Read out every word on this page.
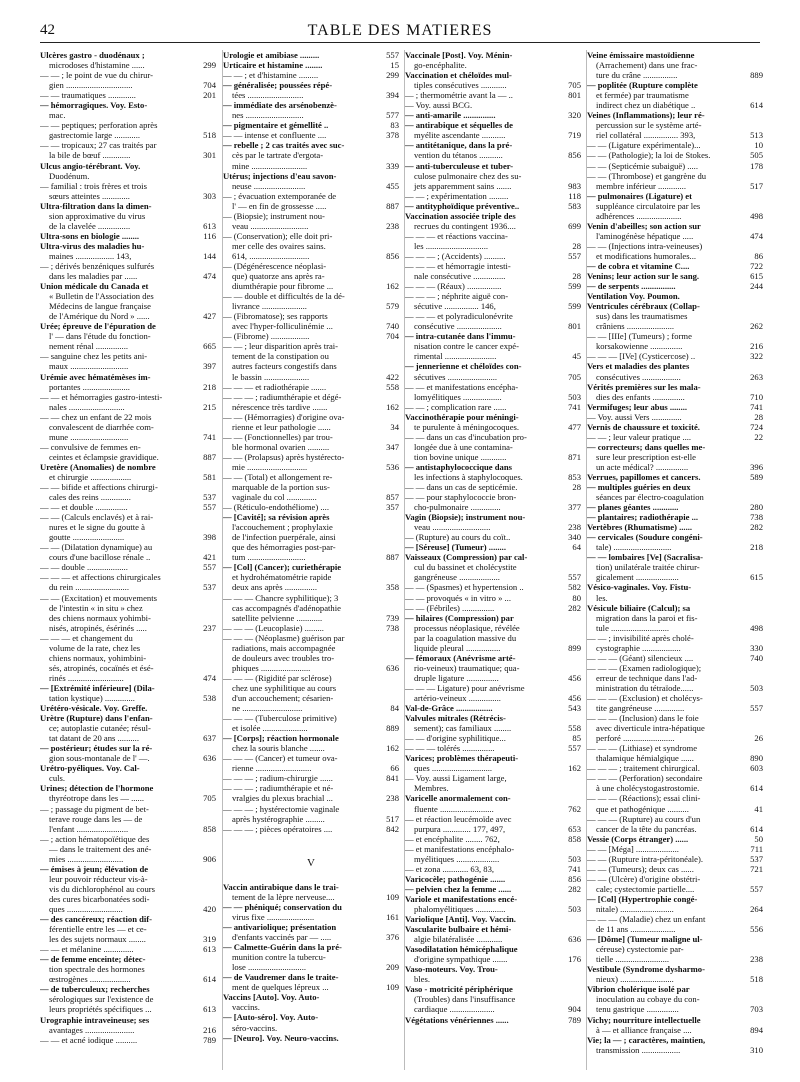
42	TABLE DES MATIERES
Ulcères gastro - duodénaux ;
microdoses d'histamine ......	299
— — ; le point de vue du chirur-
gien ...............................	704
— — traumatiques .............	201
— hémorragiques. Voy. Esto-
mac.
— — peptiques; perforation après
gastrectomie large ............	518
— — tropicaux; 27 cas traités par
la bile de bœuf .............	301
Ulcus angio-térébrant. Voy.
Duodénum.
— familial : trois frères et trois
sœurs atteintes .............	303
Ultra-filtration dans la dimen-
sion approximative du virus
de la clavelée ...............	613
Ultra-sons en biologie ........	116
Ultra-virus des maladies hu-
maines .................. 143,	144
— ; dérivés benzéniques sulfurés
dans les maladies par ......	474
Union médicale du Canada et
« Bulletin de l'Association des
Médecins de langue française
de l'Amérique du Nord » ......	427
Urée; épreuve de l'épuration de
l' — dans l'étude du fonction-
nement rénal ...............	665
— sanguine chez les petits ani-
maux ...........................	397
Urémie avec hématémèses im-
portantes ......................	218
— — et hémorragies gastro-intesti-
nales ..........................	215
— — chez un enfant de 22 mois
convalescent de diarrhée com-
mune ...........................	741
— convulsive de femmes en-
ceintes et éclampsie gravidique.	887
Uretère (Anomalies) de nombre
et chirurgie ...................	581
— — bifide et affections chirurgi-
cales des reins ..............	537
— — et double ...............	557
— — (Calculs enclavés) et à rai-
nures et le signe du goutte à
goutte ........................	398
— — (Dilatation dynamique) au
cours d'une bacillose rénale ..	421
— — double ...................	557
— — — et affections chirurgicales
du rein .........................	537
— — (Excitation) et mouvements
de l'intestin « in situ » chez
des chiens normaux yohimbi-
nisés, atropinés, ésérinés .....	237
— — — et changement du
volume de la rate, chez les
chiens normaux, yohimbini-
sés, atropinés, cocaïnés et ésé-
rinés ..........................	474
— [Extrémité inférieure] (Dila-
tation kystique) ..............	538
Urétéro-vésicale. Voy. Greffe.
Urètre (Rupture) dans l'enfan-
ce; autoplastie cutanée; résul-
tat datant de 20 ans ..........	637
— postérieur; études sur la ré-
gion sous-montanale de l' —.	636
Urétro-pyéliques. Voy. Cal-
culs.
Urines; détection de l'hormone
thyréotrope dans les — ......	705
— ; passage du pigment de bet-
terave rouge dans les — de
l'enfant ........................	858
— ; action hématopoïétique des
— dans le traitement des ané-
mies ..........................	906
— émises à jeun; élévation de
leur pouvoir réducteur vis-à-
vis du dichlorophénol au cours
des cures bicarbonatées sodi-
ques ..........................	420
— des cancéreux; réaction dif-
férentielle entre les — et ce-
les des sujets normaux ........	319
— — et mélanine ..............	613
— de femme enceinte; détec-
tion spectrale des hormones
œstrogènes ...................	614
— de tuberculeux; recherches
sérologiques sur l'existence de
leurs propriétés spécifiques ...	613
Urographie intraveineuse; ses
avantages .......................	216
— — et acné iodique ..........	789
Urologie et amibiase .........	557
Urticaire et histamine ........	15
— — ; et d'histamine .........	299
— généralisée; poussées répé-
tées ..........................	394
— immédiate des arsénobenzè-
nes ...........................	577
— pigmentaire et gémellité ..	83
— — intense et confluente ....	378
— rebelle ; 2 cas traités avec suc-
cès par le tartrate d'ergota-
mine ..........................	339
Utérus; injections d'eau savon-
neuse ........................	455
— ; évacuation extemporanée de
l' — en fin de grossesse .....	887
— (Biopsie); instrument nou-
veau ...........................	238
— (Conservation); elle doit pri-
mer celle des ovaires sains.
614, ............................	856
— (Dégénérescence néoplasi-
que) quatorze ans après ra-
diumthérapie pour fibrome ...	162
— — double et difficultés de la dé-
livrance .....................	579
— (Fibromatose); ses rapports
avec l'hyper-folliculinémie ...	740
— (Fibrome) ..................	704
— — ; leur disparition après trai-
tement de la constipation ou
autres facteurs congestifs dans
le bassin .....................	422
— — — et radiothérapie .......	558
— — — ; radiumthérapie et dégé-
nérescence très tardive .......	162
— — (Hémorragies) d'origine ova-
rienne et leur pathologie ......	34
— — (Fonctionnelles) par trou-
ble hormonal ovarien ..........	347
— — (Prolapsus) après hystérecto-
mie ............................	536
— — (Total) et allongement re-
marquable de la portion sus-
vaginale du col ..............	857
— (Réticulo-endothéliome) ....	357
— [Cavité]; sa révision après
l'accouchement ; prophylaxie
de l'infection puerpérale, ainsi
que des hémorragies post-par-
tum ...........................	887
— [Col] (Cancer); curiethérapie
et hydrohématométrie rapide
deux ans après ...............	358
— — — Chancre syphilitique); 3
cas accompagnés d'adénopathie
satellite pelvienne ............	739
— — — (Leucoplasie) .........	738
— — — (Néoplasme) guérison par
radiations, mais accompagnée
de douleurs avec troubles tro-
phiques .......................	636
— — — (Rigidité par sclérose)
chez une syphilitique au cours
d'un accouchement; césarien-
ne ............................	84
— — — (Tuberculose primitive)
et isolée .....................	889
— [Corps]; réaction hormonale
chez la souris blanche .......	162
— — — (Cancer) et tumeur ova-
rienne ..........................	66
— — — ; radium-chirurgie ......	841
— — — ; radiumthérapie et né-
vralgies du plexus brachial ...	238
— — — ; hystérectomie vaginale
après hystérographie .........	517
— — — ; pièces opératoires ....	842
V
Vaccin antirabique dans le trai-
tement de la lèpre nerveuse....	109
— — phéniqué; conservation du
virus fixe ......................	161
— antivariolique; présentation
d'enfants vaccinés par — .....	376
— Calmette-Guérin dans la pré-
munition contre la tubercu-
lose ...........................	209
— de Vaudremer dans le traite-
ment de quelques lépreux ...	109
Vaccins [Auto]. Voy. Auto-
vaccins.
— [Auto-séro]. Voy. Auto-
séro-vaccins.
— [Neuro]. Voy. Neuro-vaccins.
Vaccinale [Post]. Voy. Ménin-
go-encéphalite.
Vaccination et chéloïdes mul-
tiples consécutives ............	705
— ; thermométrie avant la — ..	801
— Voy. aussi BCG.
— anti-amarile ...............	320
— antirabique et séquelles de
myélite ascendante ...........	719
— antitétanique, dans la pré-
vention du tétanos ...........	856
— anti-tuberculeuse et tuber-
culose pulmonaire chez des su-
jets apparemment sains .......	983
— — ; expérimentation .........	118
— antityphoïdique préventive..	583
Vaccination associée triple des
recrues du contingent 1936....	699
— — — et réactions vaccina-
les .............................	28
— — — ; (Accidents) ..........	557
— — — et hémorragie intesti-
nale consécutive ...............	28
— — — (Réaux) ................	599
— — — ; néphrite aiguë con-
sécutive ................ 146,	599
— — — et polyradiculonévrite
consécutive .....................	801
— intra-cutanée dans l'immu-
nisation contre le cancer expé-
rimental ........................	45
— jennerienne et chéloïdes con-
sécutives .......................	705
— — et manifestations encépha-
lomyélitiques ..................	503
— — ; complication rare ......	741
Vaccinothérapie pour méningi-
te purulente à méningocoques.	477
— — dans un cas d'incubation pro-
longée due à une contamina-
tion bovine unique ............	871
— antistaphylococcique dans
les infections à staphylocoques.	853
— — dans un cas de septicémie.	28
— — pour staphylococcie bron-
cho-pulmonaire ..............	377
Vagin (Biopsie); instrument nou-
veau ...........................	238
— (Rupture) au cours du coït..	340
— [Séreuse] (Tumeur) ........	64
Vaisseaux (Compression) par cal-
cul du bassinet et cholécystite
gangréneuse ...................	557
— — (Spasmes) et hypertension ..	582
— — provoqués « in vitro » ...	80
— — (Fébriles) ...............	282
— hilaires (Compression) par
processus néoplasique, révélée
par la coagulation massive du
liquide pleural ................	899
— fémoraux (Anévrisme arté-
rio-veineux) traumatique; qua-
druple ligature ...............	456
— — — Ligature) pour anévrisme
artério-veineux ...............	456
Val-de-Grâce .................	543
Valvules mitrales (Rétrécis-
sement); cas familiaux ........	558
— — d'origine syphilitique...	85
— — — tolérés ...............	557
Varices; problèmes thérapeuti-
ques ............................	162
— Voy. aussi Ligament large,
Membres.
Varicelle anormalement con-
fluente .........................	762
— et réaction leucémoïde avec
purpura ............. 177, 497,	653
— et encéphalite ........ 762,	858
— et manifestations encéphalo-
myélitiques ....................	503
— et zona ............ 63, 83,	741
Varicocèle; pathogénie .......	856
— pelvien chez la femme ......	282
Variole et manifestations encé-
phalomyélitiques ..............	503
Variolique [Anti]. Voy. Vaccin.
Vascularite bulbaire et hémi-
algie bilatéralisée ............	636
Vasodilatation hémicéphalique
d'origine sympathique .......	176
Vaso-moteurs. Voy. Trou-
bles.
Vaso - motricité périphérique
(Troubles) dans l'insuffisance
cardiaque .....................	904
Végétations vénériennes ......	789
Veine émissaire mastoïdienne
(Arrachement) dans une frac-
ture du crâne ................	889
— poplitée (Rupture complète
et fermée) par traumatisme
indirect chez un diabétique ..	614
Veines (Inflammations); leur ré-
percussion sur le système arté-
riel collatéral ................ 393,	513
— — (Ligature expérimentale)...	10
— — (Pathologie); la loi de Stokes.	505
— — (Septicémie subaiguë) .....	178
— — (Thrombose) et gangrène du
membre inférieur .............	517
— pulmonaires (Ligature) et
suppléance circulatoire par les
adhérences .....................	498
Venin d'abeilles; son action sur
l'aminogénèse hépatique .....	474
— — (Injections intra-veineuses)
et modifications humorales...	86
— de cobra et vitamine C....	722
Venins; leur action sur le sang.	615
— de serpents ................	244
Ventilation Voy. Poumon.
Ventricules cérébraux (Collap-
sus) dans les traumatismes
crâniens ......................	262
— — [IIIe] (Tumeurs) ; forme
korsakowienne ...............	216
— — — [IVe] (Cysticercose) ..	322
Vers et maladies des plantes
consécutives ..................	263
Vérités premières sur les mala-
dies des enfants ...............	710
Vermifuges; leur abus ........	741
— Voy. aussi Vers ..............	28
Vernis de chaussure et toxicité.	724
— — ; leur valeur pratique ....	22
— correcteurs; dans quelles me-
sure leur prescription est-elle
un acte médical? ...............	396
Verrues, papillomes et cancers.	589
— multiples guéries en deux
séances par électro-coagulation
— planes géantes ............	280
— plantaires; radiothérapie ...	738
Vertèbres (Rhumatisme) ......	282
— cervicales (Soudure congéni-
tale) ...........................	218
— — lombaires [Ve] (Sacralisa-
tion) unilatérale traitée chirur-
gicalement ....................	615
Vésico-vaginales. Voy. Fistu-
les.
Vésicule biliaire (Calcul); sa
migration dans la paroi et fis-
tule ...........................	498
— — ; invisibilité après cholé-
cystographie ..................	330
— — — (Géant) silencieux ....	740
— — — (Examen radiologique);
erreur de technique dans l'ad-
ministration du tétraïode......	503
— — — (Exclusion) et cholécys-
tite gangréneuse ..............	557
— — — (Inclusion) dans le foie
avec diverticule intra-hépatique
perforé ........................	26
— — — (Lithiase) et syndrome
thalamique hémialgique ......	890
— — — ; traitement chirurgical.	603
— — — (Perforation) secondaire
à une cholécystogastrostomie.	614
— — — (Réactions); essai clini-
que et pathogénique ..........	41
— — — (Rupture) au cours d'un
cancer de la tête du pancréas.	614
Vessie (Corps étranger) ......	50
— — [Méga] ....................	711
— — (Rupture intra-péritonéale).	537
— — (Tumeurs); deux cas ......	721
— — (Ulcère) d'origine obstétri-
cale; cystectomie partielle....	557
— [Col] (Hypertrophie congé-
nitale) .........................	264
— — — (Maladie) chez un enfant
de 11 ans .....................	556
— [Dôme] (Tumeur maligne ul-
céreuse) cystectomie par-
tielle .........................	238
Vestibule (Syndrome dysharmo-
nieux) .........................	518
Vibrion cholérique isolé par
inoculation au cobaye du con-
tenu gastrique ...............	703
Vichy; nourriture intellectuelle
à — et alliance française ....	894
Vie; la — ; caractères, maintien,
transmission ..................	310
